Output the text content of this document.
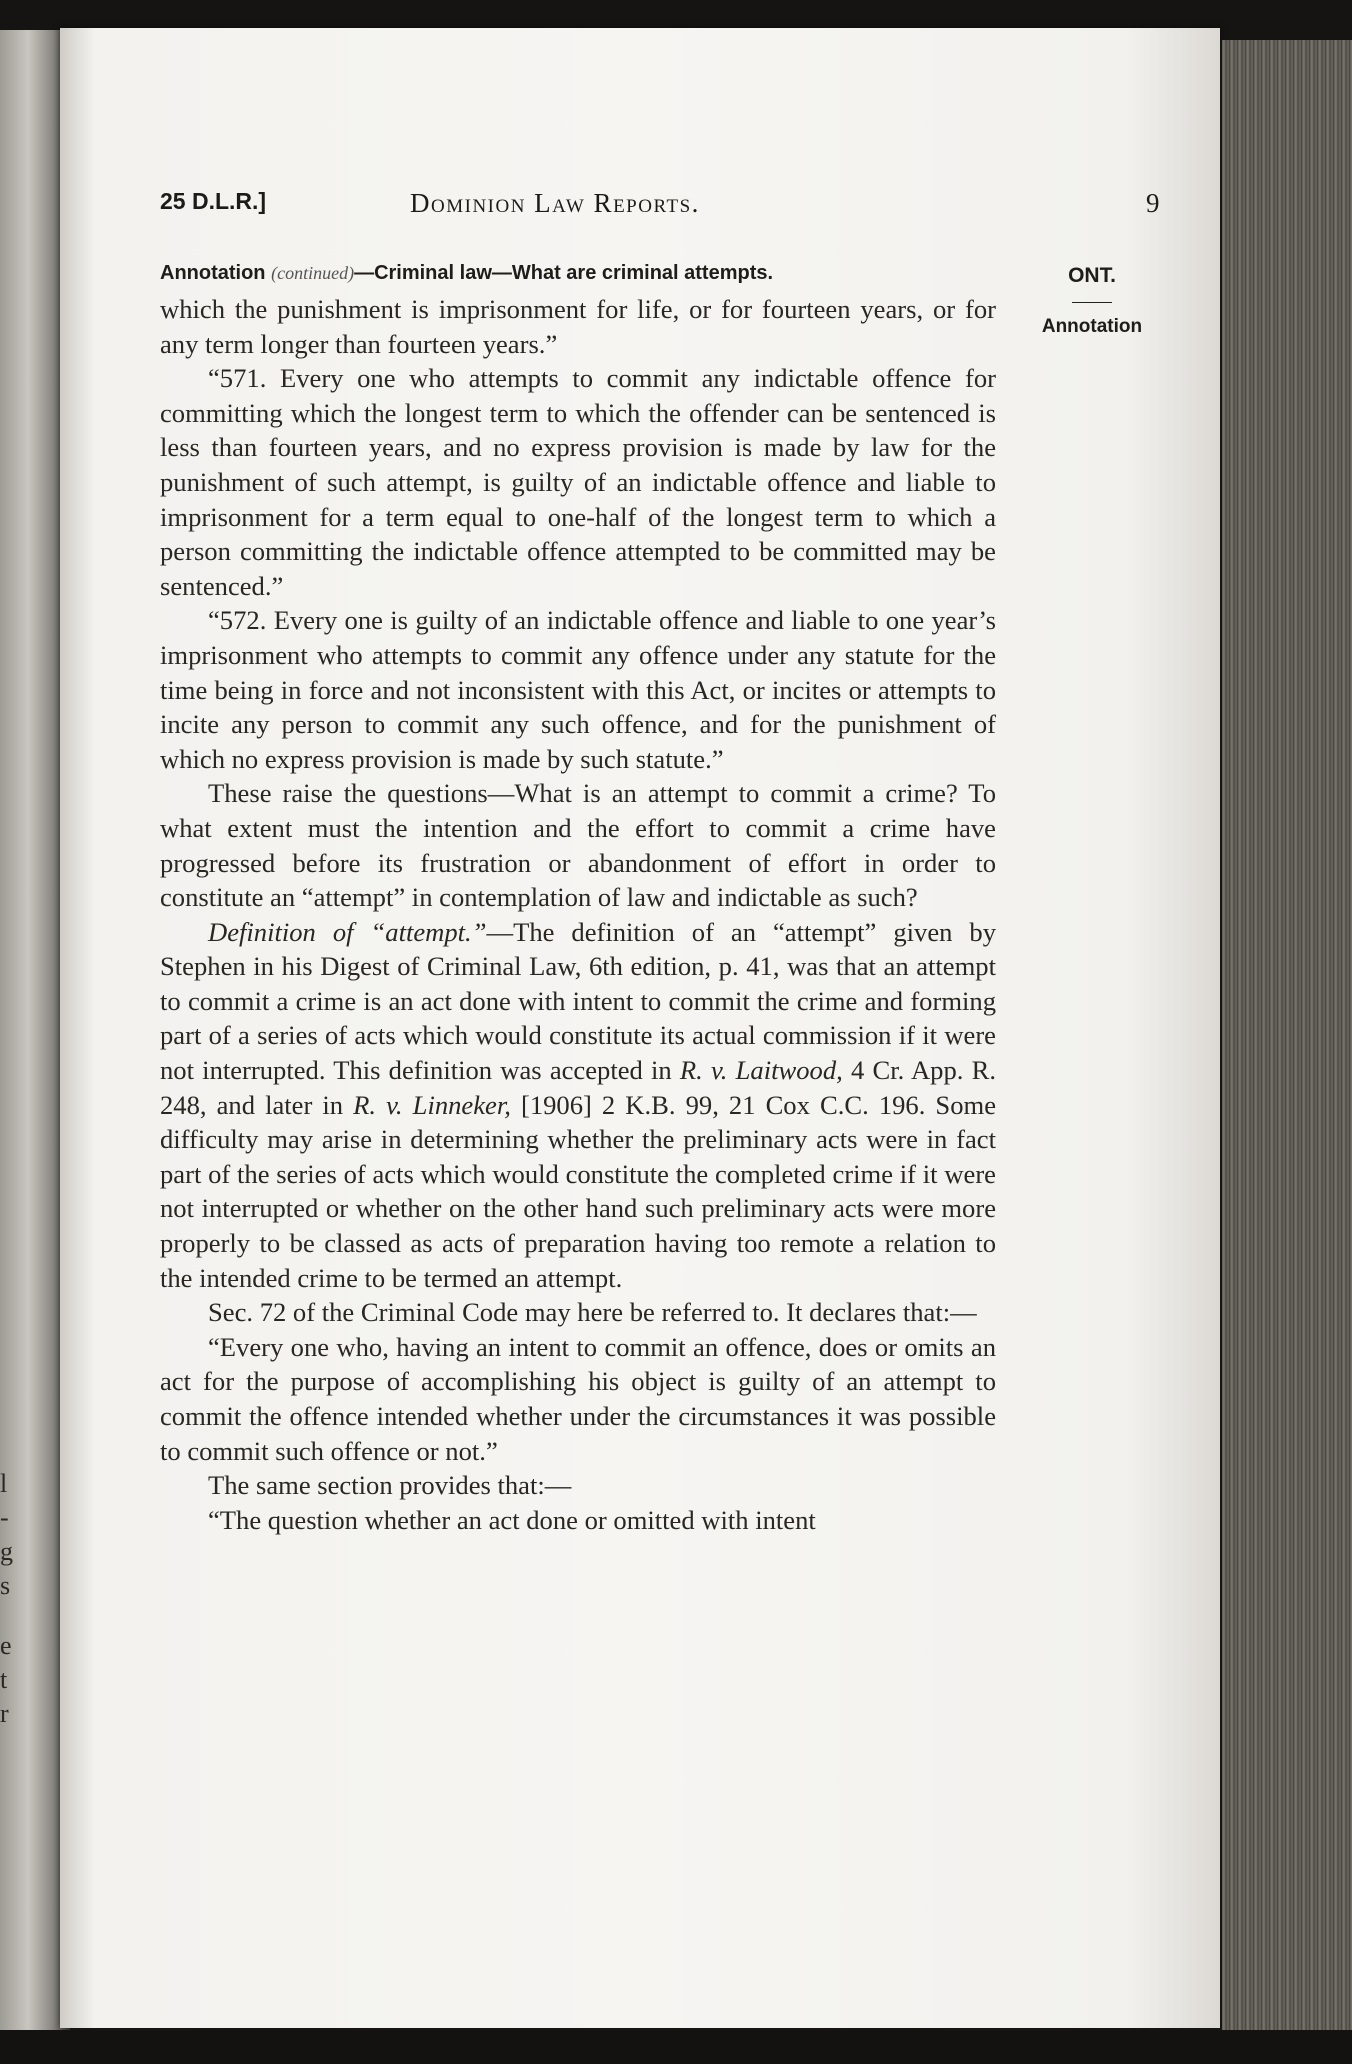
l
-
g
s
e
t
r
25 D.L.R.]	Dominion Law Reports.	9
Annotation (continued)—Criminal law—What are criminal attempts.	ONT.
Annotation

which the punishment is imprisonment for life, or for fourteen years, or for any term longer than fourteen years.”

“571. Every one who attempts to commit any indictable offence for committing which the longest term to which the offender can be sentenced is less than fourteen years, and no express provision is made by law for the punishment of such attempt, is guilty of an indictable offence and liable to imprisonment for a term equal to one-half of the longest term to which a person committing the indictable offence attempted to be committed may be sentenced.”

“572. Every one is guilty of an indictable offence and liable to one year’s imprisonment who attempts to commit any offence under any statute for the time being in force and not inconsistent with this Act, or incites or attempts to incite any person to commit any such offence, and for the punishment of which no express provision is made by such statute.”

These raise the questions—What is an attempt to commit a crime? To what extent must the intention and the effort to commit a crime have progressed before its frustration or abandonment of effort in order to constitute an “attempt” in contemplation of law and indictable as such?

Definition of “attempt.”—The definition of an “attempt” given by Stephen in his Digest of Criminal Law, 6th edition, p. 41, was that an attempt to commit a crime is an act done with intent to commit the crime and forming part of a series of acts which would constitute its actual commission if it were not interrupted. This definition was accepted in R. v. Laitwood, 4 Cr. App. R. 248, and later in R. v. Linneker, [1906] 2 K.B. 99, 21 Cox C.C. 196. Some difficulty may arise in determining whether the preliminary acts were in fact part of the series of acts which would constitute the completed crime if it were not interrupted or whether on the other hand such preliminary acts were more properly to be classed as acts of preparation having too remote a relation to the intended crime to be termed an attempt.

Sec. 72 of the Criminal Code may here be referred to. It declares that:—

“Every one who, having an intent to commit an offence, does or omits an act for the purpose of accomplishing his object is guilty of an attempt to commit the offence intended whether under the circumstances it was possible to commit such offence or not.”

The same section provides that:—

“The question whether an act done or omitted with intent
